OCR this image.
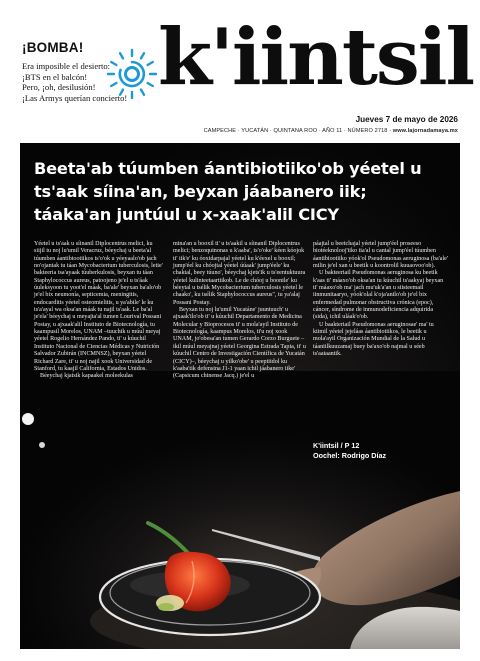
¡BOMBA!
Era imposible el desierto:
¡BTS en el balcón!
Pero, ¡oh, desilusión!
¡Las Armys querían concierto! k'iintsil
Jueves 7 de mayo de 2026
CAMPECHE · YUCATÁN · QUINTANA ROO · AÑO 11 · NÚMERO 2718 · www.lajornadamaya.mx
Beeta'ab túumben áantibiotiiko'ob yéetel u ts'aak síina'an, beyxan jáabanero iik; táaka'an juntúul u x-xaak'alil CICY

Yéetel u ts'aak u síinanil Diplocentrus melici, ku siijil tu noj lu'umil Veracruz, béeychaj u beeta'al túumben áantibiootiikos ts'o'ok u yéeyaalo'ob jach no'ojantak tu táan Mycobacterium tuberculosis, letie' bakteeria tsa'ayaak túuberkulosis, beyxan tu táan Staphylococcus aureus, patoojeno je'el u ts'áak úuleksyoon tu yoot'el máak, ba'ale' beyxan ba'alo'ob je'el bix neumonía, septicemia, meningitis, endocarditis yéetel osteomielitis, u ya'abile' le ku ts'a'ayal wa oksa'an máak tu najil ts'aak. Le ba'al je'ela' béeychaj u meyajta'al tumen Lourival Possani Postay, u ajxaak'alil Instituto de Biotecnología, tu kaampusil Morelos, UNAM –tuuchik u múul meyaj yéetel Rogelio Hernández Pando, ti' u kúuchil Instituto Nacional de Ciencias Médicas y Nutrición Salvador Zubirán (INCMNSZ), beyxan yéetel Richard Zare, ti' u noj najil xook Universidad de Stanford, tu kaajil California, Estados Unidos.

Béeychaj kjatsik kapaakel moleekulas

mina'an u booxil ti' u ts'aakil u síinanil Diplocentrus melici; benzoquinonas u k'aaba', ts'o'oke' kéen kóojok ti' iik'e' ku óoxidarpajal yéetel ku k'éexel u booxil; jump'éel ku chóojtal yéetel úúaak' jump'éele' ku chaktal, beey túuno', béeychaj kjets'ik u ts'eentuktuura yéetel kulinteetaartiikob. Le de chóoj u boonile' ku béeytal u tsélik Mycobacterium tuberculosis yéetel le chaako', ku tsélik Staphylococcus aureus", tu ya'alaj Possani Postay.

Beyxan tu noj lu'umil Yucatáne' juuntuuch' u ajxaak'ilo'ob ti' u kúuchil Departamento de Medicina Molecular y Bioprocesos ti' u mola'ayil Instituto de Biotecnología, kaampus Morelos, ti'u noj xook UNAM, jo'obesa'an tumen Gerardo Corzo Burguete –ikil múul meyajnaj yéetel Georgina Estrada Tapia, ti' u kúuchil Centro de Investigación Científica de Yucatán (CICY)–, béeychaj u yilko'obe' u peeptiidol ku k'aaba'tik defensina J1-1 yaan ichil jáabanero iike' (Capsicum chinense Jacq.) je'el u

páajtal u beetchajal yéetel jump'éel proseeso biotéeknolooj'iiko tia'al u cantal jump'éel túumben áantibiootiiko yóok'ol Pseudomonas aeruginosa (ba'ale' milin je'el xan u beetik u koontrolil kuuaovoo'ob).

U bakteeriail Pseudomonas aeruginosa ku beetik k'aas ti' máaxo'ob oksa'an tu kúuchil ts'aakyaj beyxan ti' máaxo'ob ma' jach mu'uk'a'an u siisteemail iinmunitaaryo, yóok'olal k'oja'anilo'ob je'el bix enfermedad pulmonar obstructiva crónica (epoc), cáncer, síndrome de inmunodeficiencia adquirida (sida), ichil uláak'o'ob.

U baakteriail Pseudomonas aeruginosae' ma' tu kiimil yéetel jejeláas áantibiotiikos, le beetik u mola'ayil Organización Mundial de la Salud u táaniilkuuzamaj buey ba'axo'ob najmal u séeb ts'aataantik.

K'iintsil / P 12
Oochel: Rodrigo Díaz
